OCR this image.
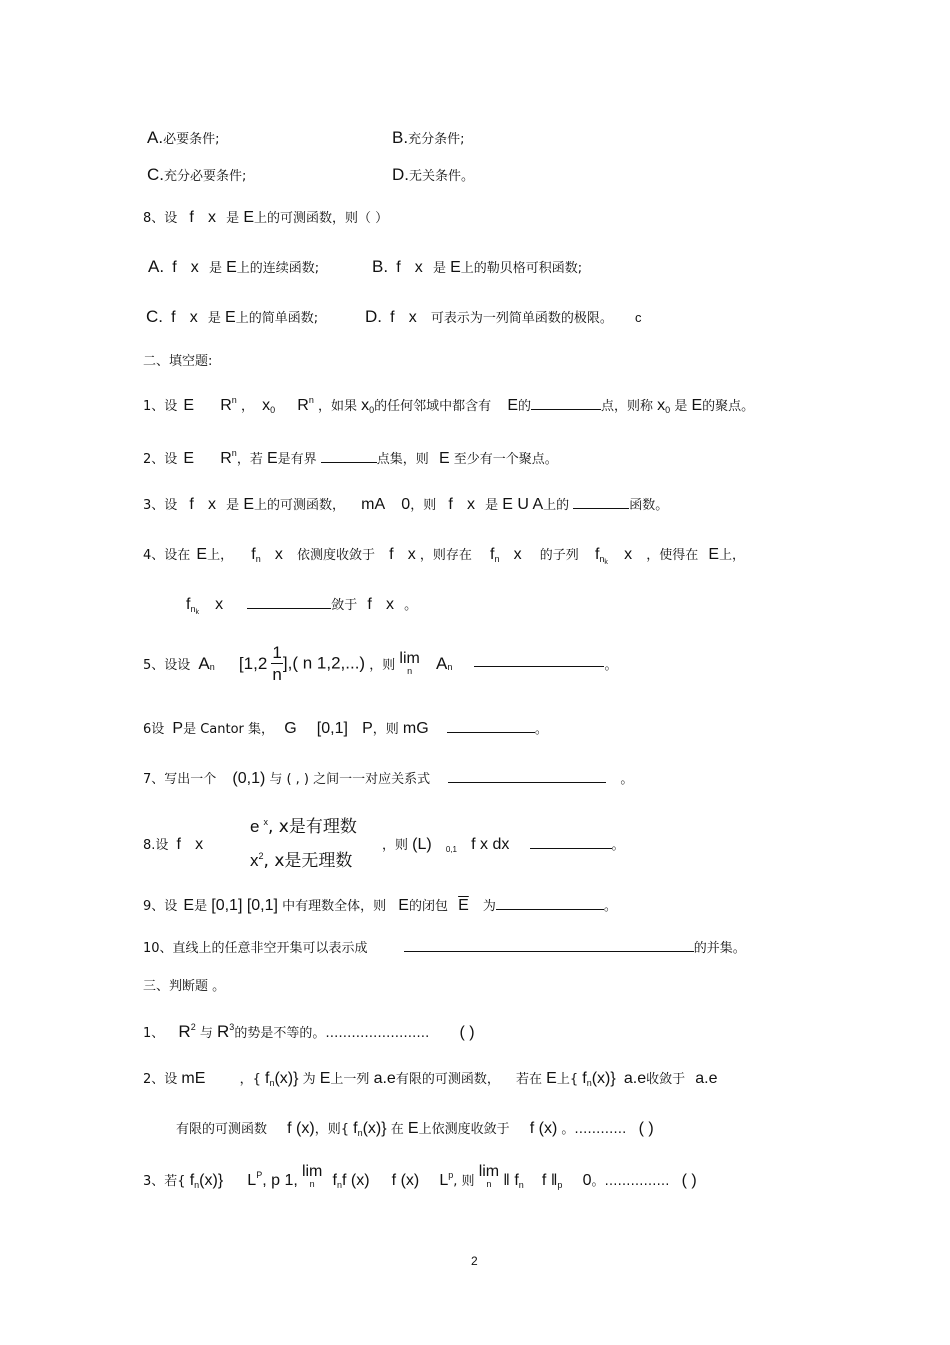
A.必要条件;	B.充分条件;
C.充分必要条件;	D.无关条件。
8、设 f x 是 E上的可测函数，则（ ）
A. f x 是 E上的连续函数;	B. f x 是 E上的勒贝格可积函数;
C. f x 是 E上的简单函数;	D. f x 可表示为一列简单函数的极限。 c
二、填空题:
1、设 E $R^n$ ， $x_0$ $R^n$ ，如果 $x_0$的任何邻域中都含有 E的	点，则称 $x_0$ 是 E的聚点。
2、设 E $R^n$，若 E是有界	点集，则 E 至少有一个聚点。
3、设 f x 是 E上的可测函数， mA 0，则 f x 是 E U A上的	函数。
4、设在 E上， $f_n$ x 依测度收敛于 f x ，则存在 $f_n$ x 的子列 $f_{nk}$ x ，使得在 E上，
$f_{nk}$ x	敛于 f x 。
5、设设 $A_n$ [$1,2 \frac{1}{n}$ ],( n 1,2,...) ，则 lim
n	$A_n$	。
6设 P是 Cantor 集， G [0,1] P，则 mG	。
7、写出一个 (0,1) 与 ( , ) 之间一一对应关系式	。
8.设 f x
e $^x$, x是有理数
$x^2$, x是无理数
，则 (L) $_{0,1}$ f x dx	。
9、设 E是 [0,1] [0,1] 中有理数全体，则 E的闭包 $\overline{E}$ 为	。
10、直线上的任意非空开集可以表示成	的并集。
三、判断题 。
1、 $R^2$ 与 $R^3$的势是不等的。…………………… ( )
2、设 mE	，{ $f_n(x)$} 为 E上一列 a.e有限的可测函数， 若在 E上{ $f_n(x)$} a.e收敛于 a.e
有限的可测函数 f (x)，则{ $f_n(x)$} 在 E上依测度收敛于 f (x) 。………… ( )
3、若{ $f_n(x)$} $L^P$, p 1,
lim
n	$f_nf$ (x) f (x) $L^p$, 则
lim
n ‖ $f_n$ f $‖_p$ 0。…………… ( )
2
